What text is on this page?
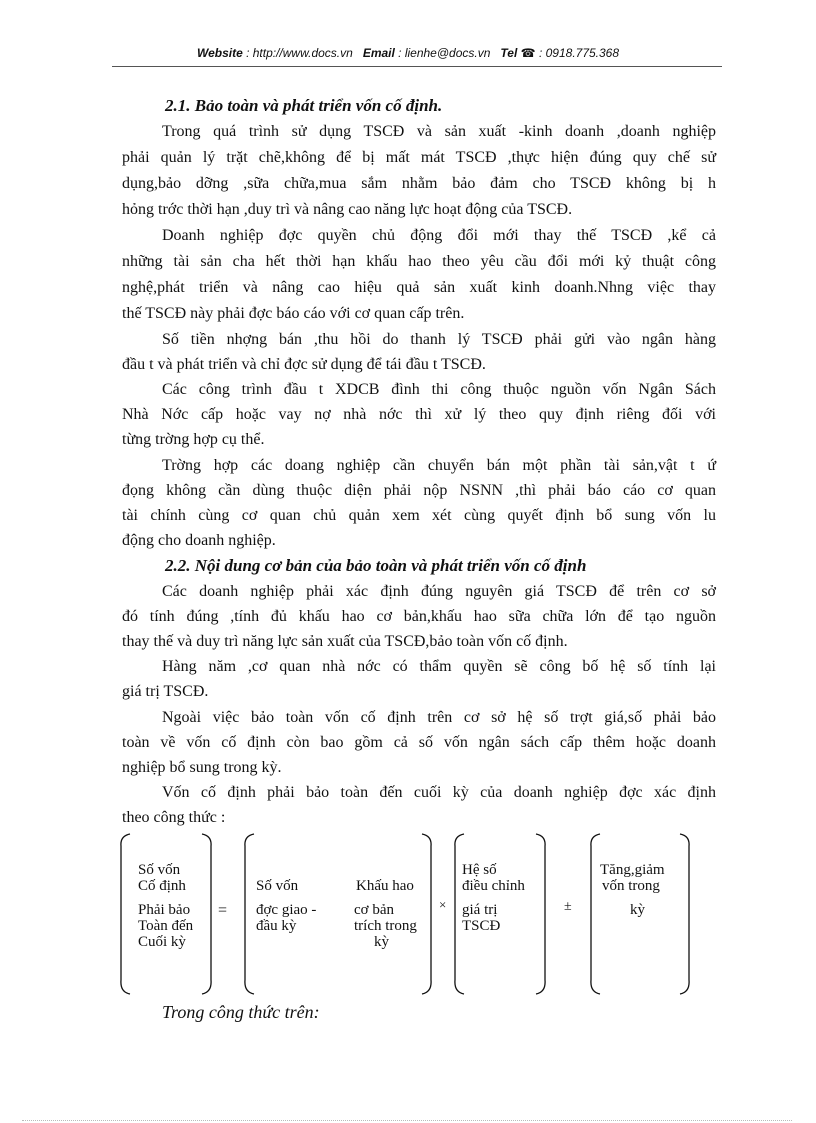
Website : http://www.docs.vn Email : lienhe@docs.vn Tel ☎ : 0918.775.368
2.1. Bảo toàn và phát triển vốn cố định.
Trong quá trình sử dụng TSCĐ và sản xuất -kinh doanh ,doanh nghiệp
phải quản lý trặt chẽ,không để bị mất mát TSCĐ ,thực hiện đúng quy chế sử
dụng,bảo dỡng ,sữa chữa,mua sắm nhằm bảo đảm cho TSCĐ không bị h
hỏng trớc thời hạn ,duy trì và nâng cao năng lực hoạt động của TSCĐ.
Doanh nghiệp đợc quyền chủ động đổi mới thay thế TSCĐ ,kể cả
những tài sản cha hết thời hạn khấu hao theo yêu cầu đổi mới kỷ thuật công
nghệ,phát triển và nâng cao hiệu quả sản xuất kinh doanh.Nhng việc thay
thế TSCĐ này phải đợc báo cáo với cơ quan cấp trên.
Số tiền nhợng bán ,thu hồi do thanh lý TSCĐ phải gửi vào ngân hàng
đầu t và phát triển và chỉ đợc sử dụng để tái đầu t TSCĐ.
Các công trình đầu t XDCB đình thi công thuộc nguồn vốn Ngân Sách
Nhà Nớc cấp hoặc vay nợ nhà nớc thì xử lý theo quy định riêng đối với
từng trờng hợp cụ thể.
Trờng hợp các doang nghiệp cần chuyển bán một phần tài sản,vật t ứ
đọng không cần dùng thuộc diện phải nộp NSNN ,thì phải báo cáo cơ quan
tài chính cùng cơ quan chủ quản xem xét cùng quyết định bổ sung vốn lu
động cho doanh nghiệp.
2.2. Nội dung cơ bản của bảo toàn và phát triển vốn cố định
Các doanh nghiệp phải xác định đúng nguyên giá TSCĐ để trên cơ sở
đó tính đúng ,tính đủ khấu hao cơ bản,khấu hao sữa chữa lớn để tạo nguồn
thay thế và duy trì năng lực sản xuất của TSCĐ,bảo toàn vốn cố định.
Hàng năm ,cơ quan nhà nớc có thẩm quyền sẽ công bố hệ số tính lại
giá trị TSCĐ.
Ngoài việc bảo toàn vốn cố định trên cơ sở hệ số trợt giá,số phải bảo
toàn về vốn cố định còn bao gồm cả số vốn ngân sách cấp thêm hoặc doanh
nghiệp bổ sung trong kỳ.
Vốn cố định phải bảo toàn đến cuối kỳ của doanh nghiệp đợc xác định
theo công thức :
Số vốn
Cố định
Phải bảo
Toàn đến
Cuối kỳ
=
Số vốn
đợc giao -
đầu kỳ
Khấu hao
cơ bản
trích trong
kỳ
×
Hệ số
điều chỉnh
giá trị
TSCĐ
±
Tăng,giảm
vốn trong
kỳ
Trong công thức trên:
